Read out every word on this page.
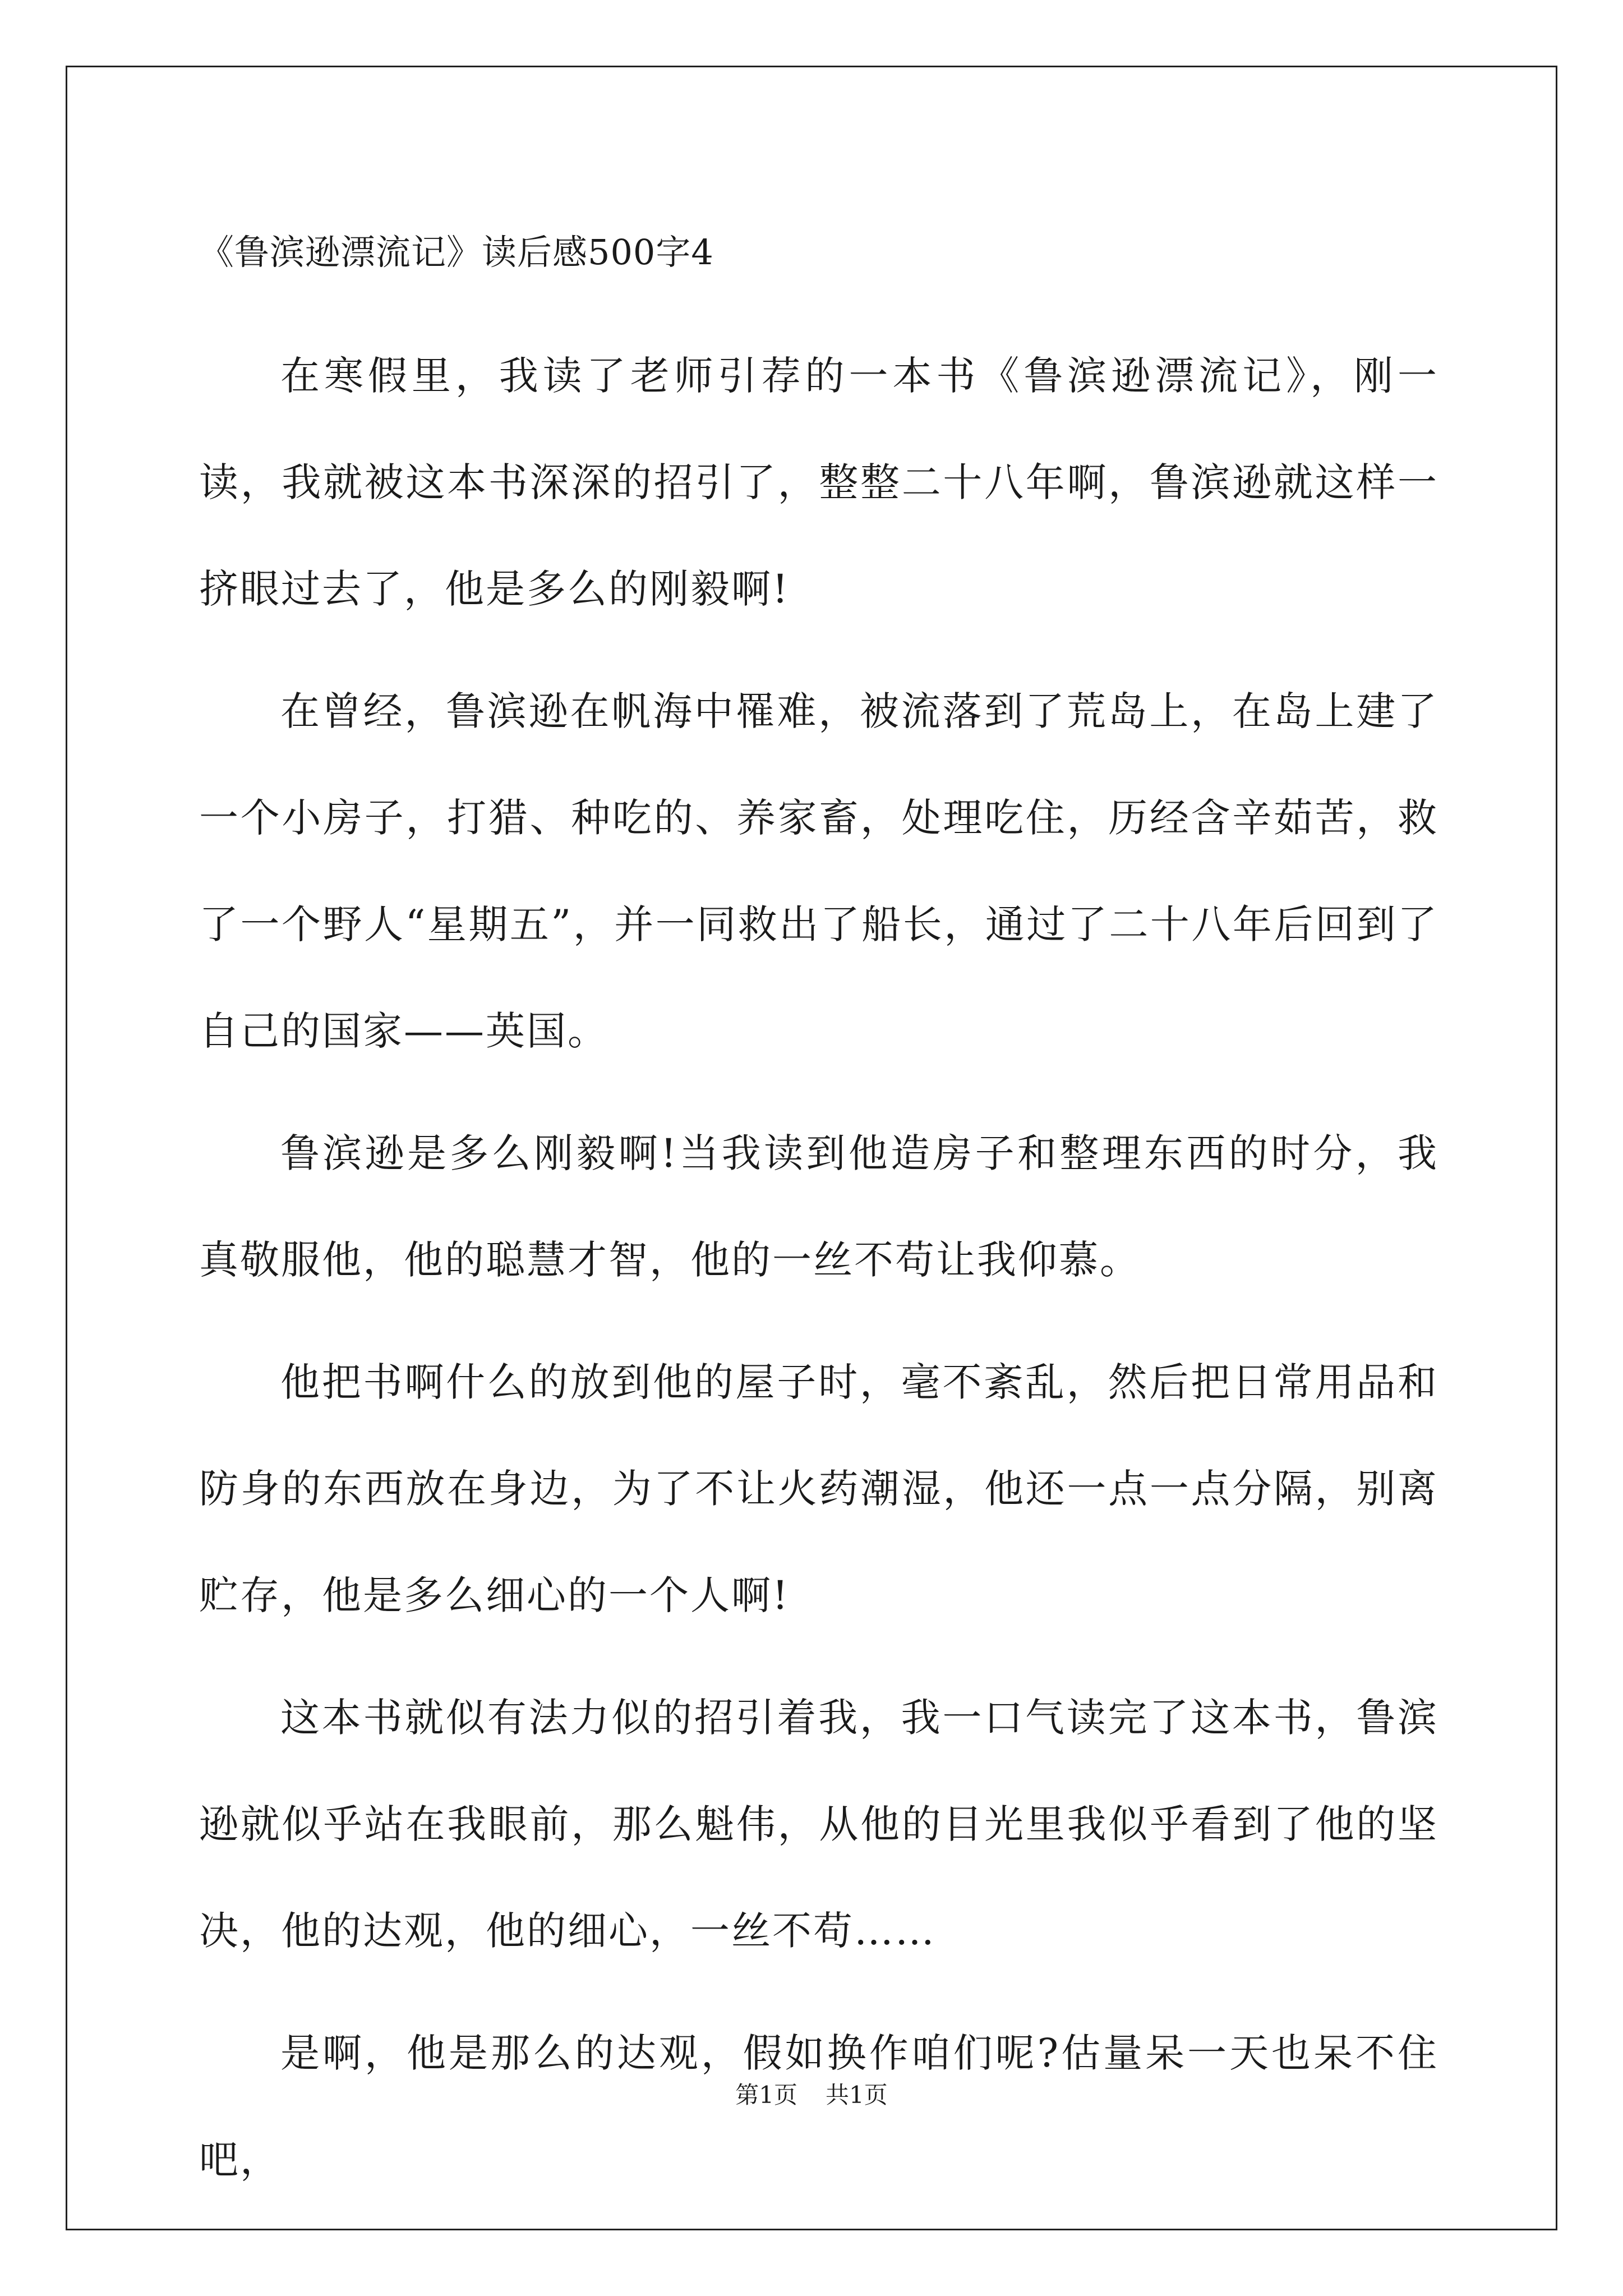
《鲁滨逊漂流记》读后感500字4

在寒假里，我读了老师引荐的一本书《鲁滨逊漂流记》，刚一读，我就被这本书深深的招引了，整整二十八年啊，鲁滨逊就这样一挤眼过去了，他是多么的刚毅啊!

在曾经，鲁滨逊在帆海中罹难，被流落到了荒岛上，在岛上建了一个小房子，打猎、种吃的、养家畜，处理吃住，历经含辛茹苦，救了一个野人“星期五”，并一同救出了船长，通过了二十八年后回到了自己的国家——英国。

鲁滨逊是多么刚毅啊!当我读到他造房子和整理东西的时分，我真敬服他，他的聪慧才智，他的一丝不苟让我仰慕。

他把书啊什么的放到他的屋子时，毫不紊乱，然后把日常用品和防身的东西放在身边，为了不让火药潮湿，他还一点一点分隔，别离贮存，他是多么细心的一个人啊!

这本书就似有法力似的招引着我，我一口气读完了这本书，鲁滨逊就似乎站在我眼前，那么魁伟，从他的目光里我似乎看到了他的坚决，他的达观，他的细心，一丝不苟……

是啊，他是那么的达观，假如换作咱们呢?估量呆一天也呆不住吧，

第1页 共1页
